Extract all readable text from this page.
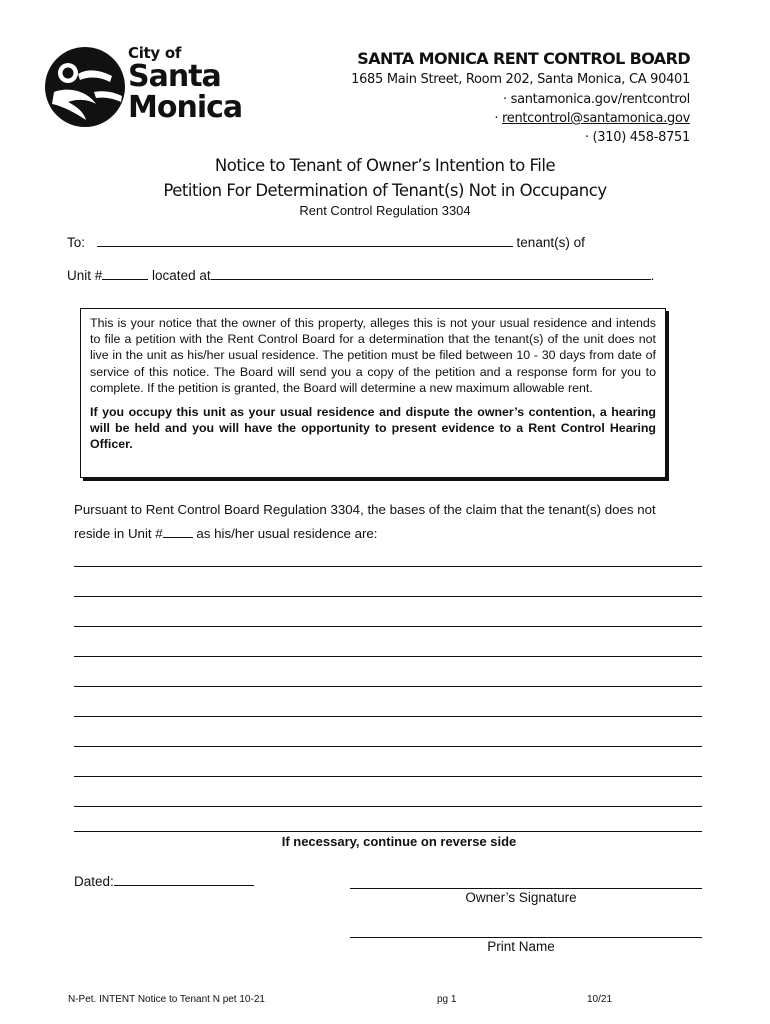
City of
Santa
Monica
SANTA MONICA RENT CONTROL BOARD
1685 Main Street, Room 202, Santa Monica, CA 90401
· santamonica.gov/rentcontrol
· rentcontrol@santamonica.gov
· (310) 458-8751
Notice to Tenant of Owner’s Intention to File
Petition For Determination of Tenant(s) Not in Occupancy
Rent Control Regulation 3304
To:	tenant(s) of
Unit #	located at	.

This is your notice that the owner of this property, alleges this is not your usual residence and intends to file a petition with the Rent Control Board for a determination that the tenant(s) of the unit does not live in the unit as his/her usual residence. The petition must be filed between 10 - 30 days from date of service of this notice. The Board will send you a copy of the petition and a response form for you to complete. If the petition is granted, the Board will determine a new maximum allowable rent.

If you occupy this unit as your usual residence and dispute the owner’s contention, a hearing will be held and you will have the opportunity to present evidence to a Rent Control Hearing Officer.

Pursuant to Rent Control Board Regulation 3304, the bases of the claim that the tenant(s) does not
reside in Unit # as his/her usual residence are:
If necessary, continue on reverse side
Dated:
Owner’s Signature
Print Name
N-Pet. INTENT Notice to Tenant N pet 10-21	pg 1	10/21
